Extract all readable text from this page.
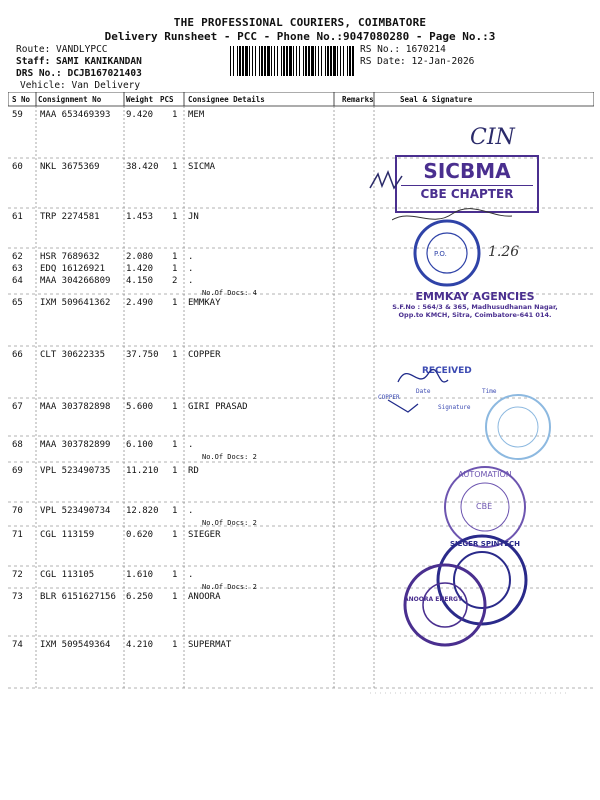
THE PROFESSIONAL COURIERS, COIMBATORE
Delivery Runsheet - PCC - Phone No.:9047080280 - Page No.:3
Route: VANDLYPCC
Staff: SAMI KANIKANDAN
DRS No.: DCJB167021403
Vehicle: Van Delivery
RS No.: 1670214
RS Date: 12-Jan-2026
S No Consignment No	Weight PCS Consignee Details	Remarks	Seal & Signature
59 MAA 653469393 9.420 1 MEM
60 NKL 3675369	38.420 1 SICMA
61 TRP 2274581	1.453 1 JN
62 HSR 7689632	2.080 1 .
63 EDQ 16126921 1.420 1 .
64 MAA 304266809 4.150 2 .
No.Of Docs: 4
65 IXM 509641362 2.490 1 EMMKAY
66 CLT 30622335 37.750 1 COPPER
67 MAA 303782898 5.600 1 GIRI PRASAD
68 MAA 303782899 6.100 1 .
No.Of Docs: 2
69 VPL 523490735 11.210 1 RD
70 VPL 523490734 12.820 1 .
No.Of Docs: 2
71 CGL 113159	0.620 1 SIEGER
72 CGL 113105	1.610 1 .
No.Of Docs: 2
73 BLR 6151627156 6.250 1 ANOORA
74 IXM 509549364 4.210 1 SUPERMAT
CIN
SICBMA
CBE CHAPTER
P.O.	1.26
EMMKAY AGENCIES
S.F.No : 564/3 & 365, Madhusudhanan Nagar,
Opp.to KMCH, Sitra, Coimbatore-641 014.
RECEIVED
COPPER
Date	Time
Signature
AUTOMATION
CBE
SIEGER SPINTECH
ANOORA ENERGY
